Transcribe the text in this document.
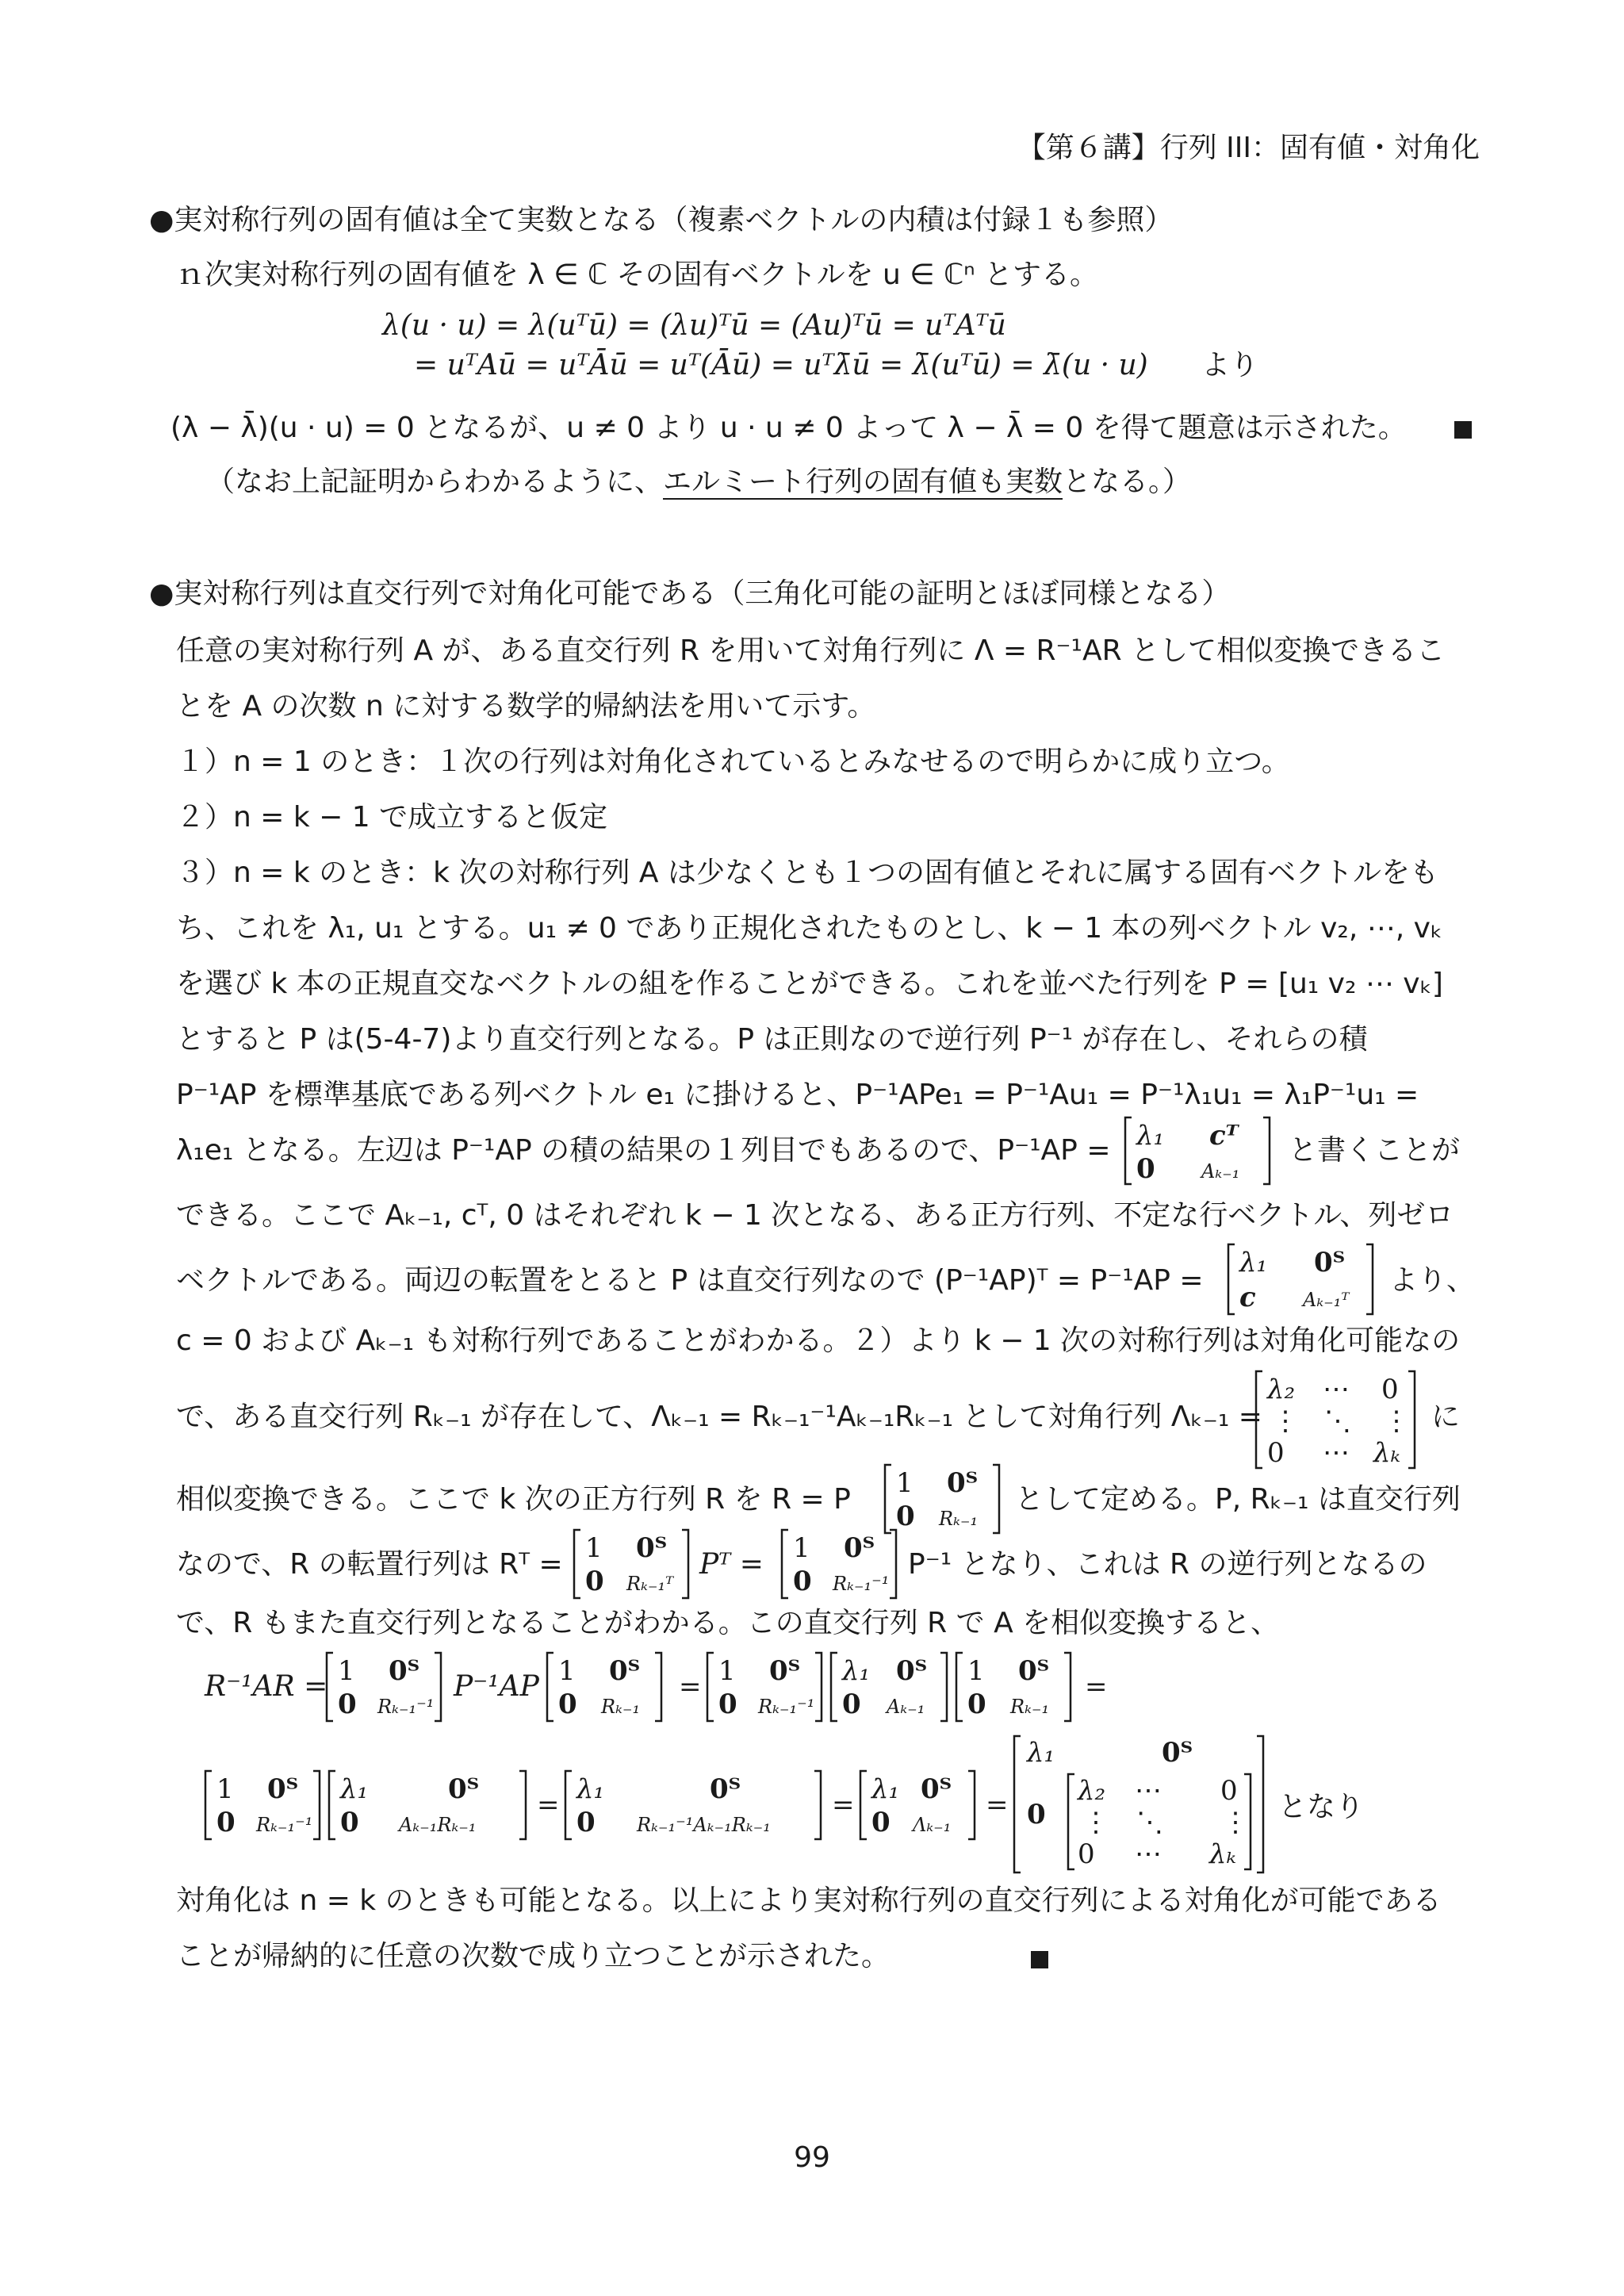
【第６講】行列 III：固有値・対角化
●実対称行列の固有値は全て実数となる（複素ベクトルの内積は付録１も参照）
ｎ次実対称行列の固有値を λ ∈ ℂ その固有ベクトルを u ∈ ℂⁿ とする。
λ(u · u) = λ(uᵀū) = (λu)ᵀū = (Au)ᵀū = uᵀAᵀū
= uᵀAū = uᵀĀū = uᵀ(Āū) = uᵀλ̄ū = λ̄(uᵀū) = λ̄(u · u) より
(λ − λ̄)(u · u) = 0 となるが、u ≠ 0 より u · u ≠ 0 よって λ − λ̄ = 0 を得て題意は示された。
（なお上記証明からわかるように、エルミート行列の固有値も実数となる。）
●実対称行列は直交行列で対角化可能である（三角化可能の証明とほぼ同様となる）
任意の実対称行列 A が、ある直交行列 R を用いて対角行列に Λ = R⁻¹AR として相似変換できるこ
とを A の次数 n に対する数学的帰納法を用いて示す。
１）n = 1 のとき：１次の行列は対角化されているとみなせるので明らかに成り立つ。
２）n = k − 1 で成立すると仮定
３）n = k のとき：k 次の対称行列 A は少なくとも１つの固有値とそれに属する固有ベクトルをも
ち、これを λ₁, u₁ とする。u₁ ≠ 0 であり正規化されたものとし、k − 1 本の列ベクトル v₂, ⋯, vₖ
を選び k 本の正規直交なベクトルの組を作ることができる。これを並べた行列を P = [u₁ v₂ ⋯ vₖ]
とすると P は(5-4-7)より直交行列となる。P は正則なので逆行列 P⁻¹ が存在し、それらの積
P⁻¹AP を標準基底である列ベクトル e₁ に掛けると、P⁻¹APe₁ = P⁻¹Au₁ = P⁻¹λ₁u₁ = λ₁P⁻¹u₁ =
λ₁e₁ となる。左辺は P⁻¹AP の積の結果の１列目でもあるので、P⁻¹AP = λ₁ cᵀ
0 Aₖ₋₁
と書くことが
できる。ここで Aₖ₋₁, cᵀ, 0 はそれぞれ k − 1 次となる、ある正方行列、不定な行ベクトル、列ゼロ
ベクトルである。両辺の転置をとると P は直交行列なので (P⁻¹AP)ᵀ = P⁻¹AP =
λ₁ 0ᵀ
c Aₖ₋₁ᵀ
より、
c = 0 および Aₖ₋₁ も対称行列であることがわかる。２）より k − 1 次の対称行列は対角化可能なの
で、ある直交行列 Rₖ₋₁ が存在して、Λₖ₋₁ = Rₖ₋₁⁻¹Aₖ₋₁Rₖ₋₁ として対角行列 Λₖ₋₁ =
λ₂ ⋯ 0
⋮ ⋱ ⋮
0 ⋯ λₖ
に
相似変換できる。ここで k 次の正方行列 R を R = P 1 0ᵀ
0 Rₖ₋₁
として定める。P, Rₖ₋₁ は直交行列
なので、R の転置行列は Rᵀ = 1 0ᵀ
0 Rₖ₋₁ᵀ
Pᵀ = 1 0ᵀ
0 Rₖ₋₁⁻¹
P⁻¹ となり、これは R の逆行列となるの
で、R もまた直交行列となることがわかる。この直交行列 R で A を相似変換すると、
R⁻¹AR = 1 0ᵀ
0 Rₖ₋₁⁻¹
P⁻¹AP 1 0ᵀ
0 Rₖ₋₁
= 1 0ᵀ
0 Rₖ₋₁⁻¹
λ₁ 0ᵀ
0 Aₖ₋₁
1 0ᵀ
0 Rₖ₋₁
=
1 0ᵀ
0 Rₖ₋₁⁻¹
λ₁	0ᵀ
0 Aₖ₋₁Rₖ₋₁
= λ₁	0ᵀ
0 Rₖ₋₁⁻¹Aₖ₋₁Rₖ₋₁
= λ₁ 0ᵀ
0 Λₖ₋₁
=
λ₁	0ᵀ
0
λ₂ ⋯ 0
⋮ ⋱ ⋮
0 ⋯ λₖ
となり
対角化は n = k のときも可能となる。以上により実対称行列の直交行列による対角化が可能である
ことが帰納的に任意の次数で成り立つことが示された。
99
